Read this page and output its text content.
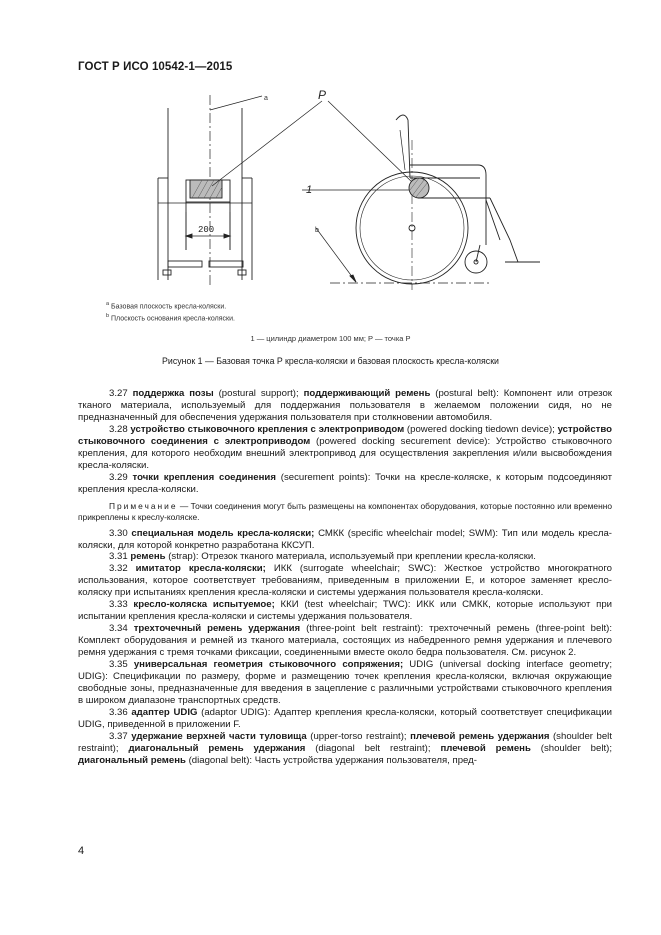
ГОСТ Р ИСО 10542-1—2015
a	P
1
b
200
$^a$ Базовая плоскость кресла-коляски.
$^b$ Плоскость основания кресла-коляски.
1 — цилиндр диаметром 100 мм; P — точка P
Рисунок 1 — Базовая точка P кресла-коляски и базовая плоскость кресла-коляски

3.27 поддержка позы (postural support); поддерживающий ремень (postural belt): Компонент или отрезок тканого материала, используемый для поддержания пользователя в желаемом положении сидя, но не предназначенный для обеспечения удержания пользователя при столкновении автомобиля.

3.28 устройство стыковочного крепления с электроприводом (powered docking tiedown device); устройство стыковочного соединения с электроприводом (powered docking securement device): Устройство стыковочного крепления, для которого необходим внешний электропривод для осуществления закрепления и/или высвобождения кресла-коляски.

3.29 точки крепления соединения (securement points): Точки на кресле-коляске, к которым подсоединяют крепления кресла-коляски.

Примечание — Точки соединения могут быть размещены на компонентах оборудования, которые постоянно или временно прикреплены к креслу-коляске.

3.30 специальная модель кресла-коляски; СМКК (specific wheelchair model; SWM): Тип или модель кресла-коляски, для которой конкретно разработана ККСУП.

3.31 ремень (strap): Отрезок тканого материала, используемый при креплении кресла-коляски.

3.32 имитатор кресла-коляски; ИКК (surrogate wheelchair; SWC): Жесткое устройство многократного использования, которое соответствует требованиям, приведенным в приложении Е, и которое заменяет кресло-коляску при испытаниях крепления кресла-коляски и системы удержания пользователя кресла-коляски.

3.33 кресло-коляска испытуемое; ККИ (test wheelchair; TWC): ИКК или СМКК, которые используют при испытании крепления кресла-коляски и системы удержания пользователя.

3.34 трехточечный ремень удержания (three-point belt restraint): трехточечный ремень (three-point belt): Комплект оборудования и ремней из тканого материала, состоящих из набедренного ремня удержания и плечевого ремня удержания с тремя точками фиксации, соединенными вместе около бедра пользователя. См. рисунок 2.

3.35 универсальная геометрия стыковочного сопряжения; UDIG (universal docking interface geometry; UDIG): Спецификации по размеру, форме и размещению точек крепления кресла-коляски, включая окружающие свободные зоны, предназначенные для введения в зацепление с различными устройствами стыковочного крепления в широком диапазоне транспортных средств.

3.36 адаптер UDIG (adaptor UDIG): Адаптер крепления кресла-коляски, который соответствует спецификации UDIG, приведенной в приложении F.

3.37 удержание верхней части туловища (upper-torso restraint); плечевой ремень удержания (shoulder belt restraint); диагональный ремень удержания (diagonal belt restraint); плечевой ремень (shoulder belt); диагональный ремень (diagonal belt): Часть устройства удержания пользователя, пред-

4
